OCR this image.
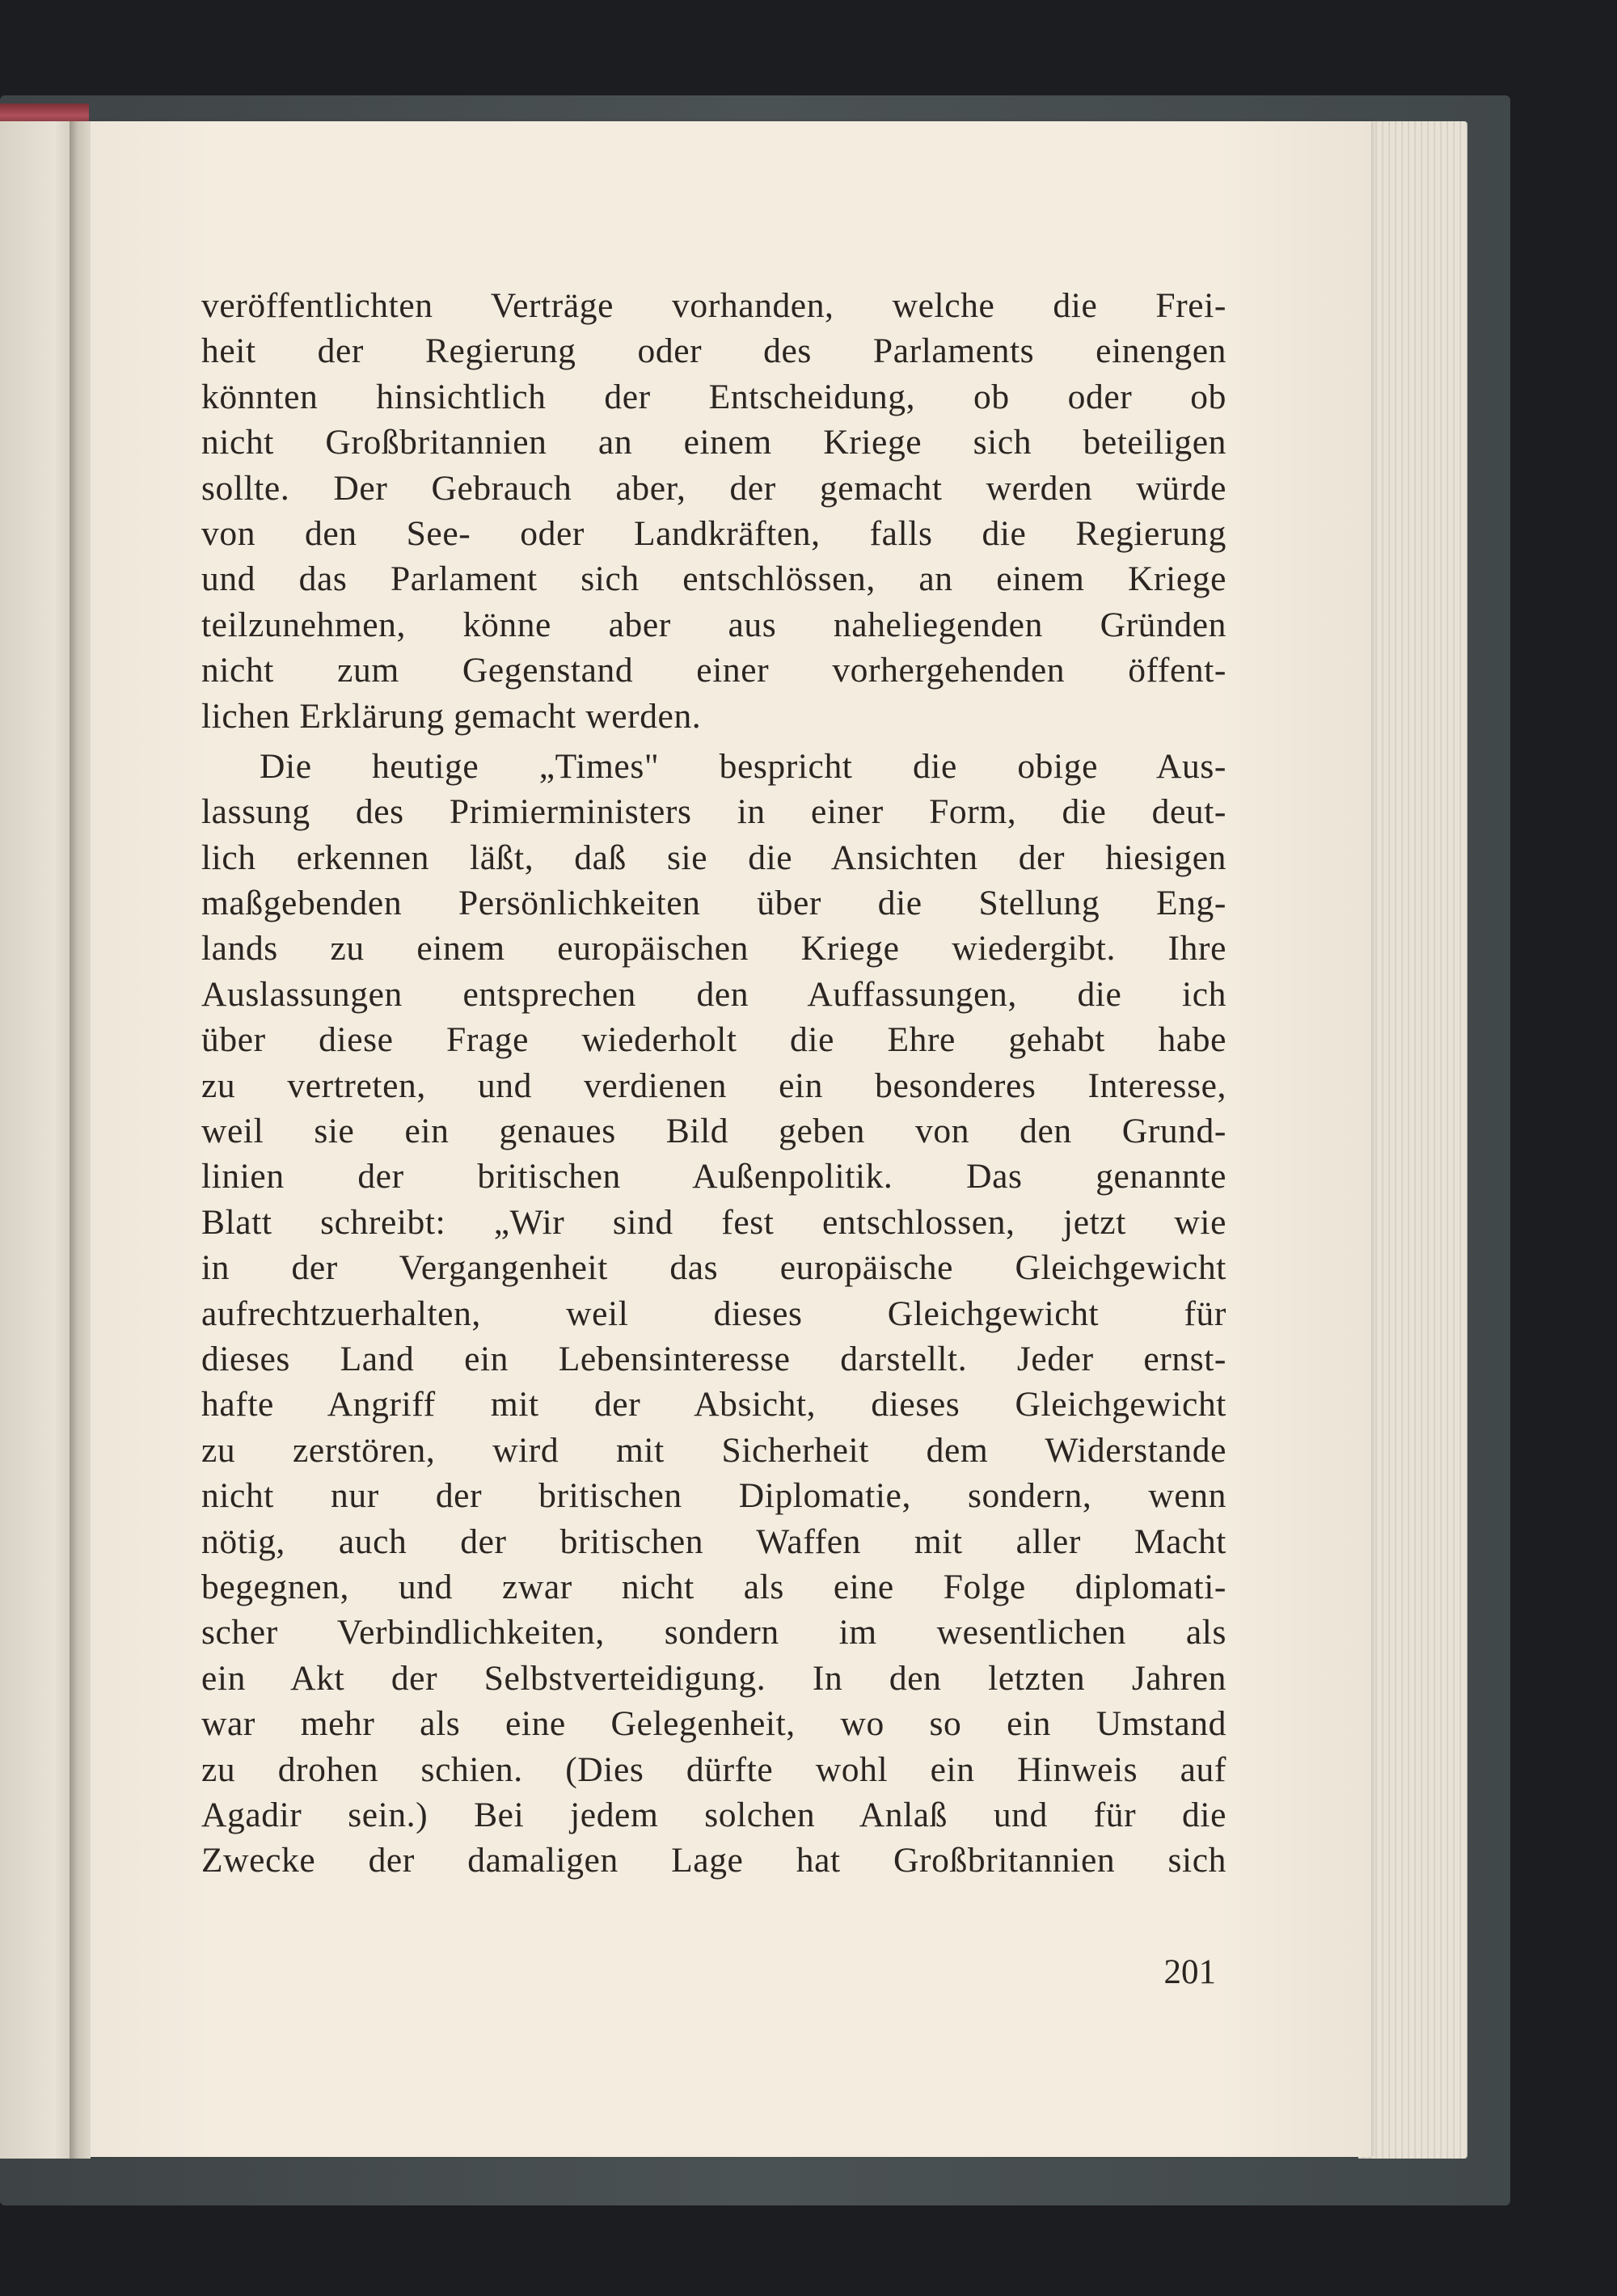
veröffentlichten Verträge vorhanden, welche die Frei-
heit der Regierung oder des Parlaments einengen
könnten hinsichtlich der Entscheidung, ob oder ob
nicht Großbritannien an einem Kriege sich beteiligen
sollte. Der Gebrauch aber, der gemacht werden würde
von den See- oder Landkräften, falls die Regierung
und das Parlament sich entschlössen, an einem Kriege
teilzunehmen, könne aber aus naheliegenden Gründen
nicht zum Gegenstand einer vorhergehenden öffent-
lichen Erklärung gemacht werden.
Die heutige „Times" bespricht die obige Aus-
lassung des Primierministers in einer Form, die deut-
lich erkennen läßt, daß sie die Ansichten der hiesigen
maßgebenden Persönlichkeiten über die Stellung Eng-
lands zu einem europäischen Kriege wiedergibt. Ihre
Auslassungen entsprechen den Auffassungen, die ich
über diese Frage wiederholt die Ehre gehabt habe
zu vertreten, und verdienen ein besonderes Interesse,
weil sie ein genaues Bild geben von den Grund-
linien der britischen Außenpolitik. Das genannte
Blatt schreibt: „Wir sind fest entschlossen, jetzt wie
in der Vergangenheit das europäische Gleichgewicht
aufrechtzuerhalten, weil dieses Gleichgewicht für
dieses Land ein Lebensinteresse darstellt. Jeder ernst-
hafte Angriff mit der Absicht, dieses Gleichgewicht
zu zerstören, wird mit Sicherheit dem Widerstande
nicht nur der britischen Diplomatie, sondern, wenn
nötig, auch der britischen Waffen mit aller Macht
begegnen, und zwar nicht als eine Folge diplomati-
scher Verbindlichkeiten, sondern im wesentlichen als
ein Akt der Selbstverteidigung. In den letzten Jahren
war mehr als eine Gelegenheit, wo so ein Umstand
zu drohen schien. (Dies dürfte wohl ein Hinweis auf
Agadir sein.) Bei jedem solchen Anlaß und für die
Zwecke der damaligen Lage hat Großbritannien sich
201
